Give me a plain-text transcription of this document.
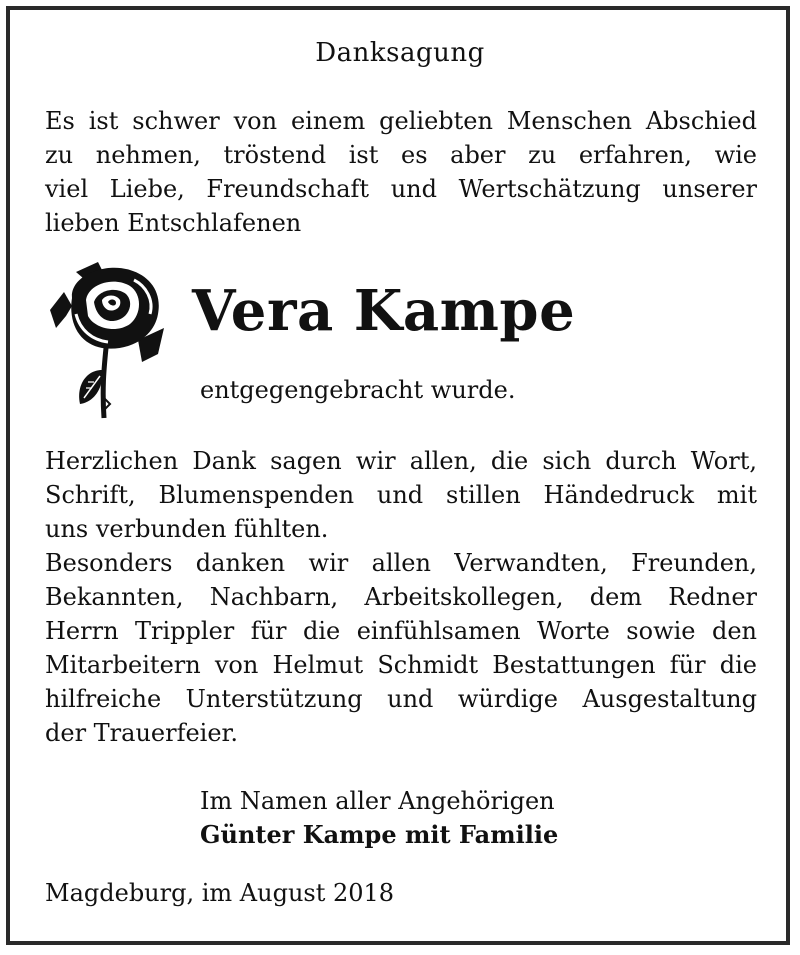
Danksagung
Es ist schwer von einem geliebten Menschen Abschied
zu nehmen, tröstend ist es aber zu erfahren, wie
viel Liebe, Freundschaft und Wertschätzung unserer
lieben Entschlafenen
Vera Kampe
entgegengebracht wurde.
Herzlichen Dank sagen wir allen, die sich durch Wort,
Schrift, Blumenspenden und stillen Händedruck mit
uns verbunden fühlten.
Besonders danken wir allen Verwandten, Freunden,
Bekannten, Nachbarn, Arbeitskollegen, dem Redner
Herrn Trippler für die einfühlsamen Worte sowie den
Mitarbeitern von Helmut Schmidt Bestattungen für die
hilfreiche Unterstützung und würdige Ausgestaltung
der Trauerfeier.
Im Namen aller Angehörigen
Günter Kampe mit Familie
Magdeburg, im August 2018
